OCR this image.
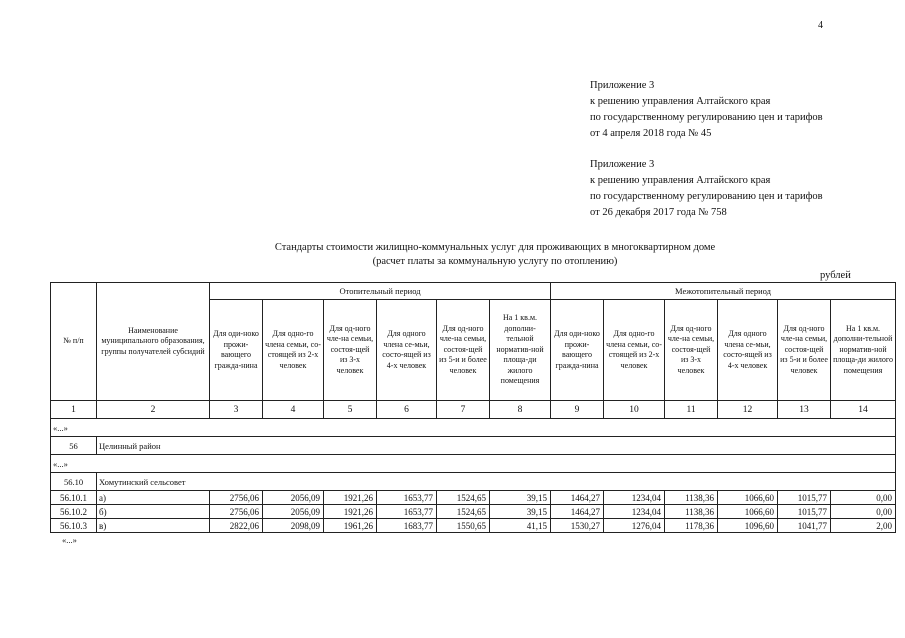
4
Приложение 3
к решению управления Алтайского края
по государственному регулированию цен и тарифов
от 4 апреля 2018 года № 45
Приложение 3
к решению управления Алтайского края
по государственному регулированию цен и тарифов
от 26 декабря 2017 года № 758
Стандарты стоимости жилищно-коммунальных услуг для проживающих в многоквартирном доме
(расчет платы за коммунальную услугу по отоплению)
рублей
№ п/п	Наименование муниципального образования, группы получателей субсидий	Отопительный период						Межотопительный период					
		Для оди-ноко прожи-вающего гражда-нина	Для одно-го члена семьи, со-стоящей из 2-х человек	Для од-ного чле-на семьи, состоя-щей из 3-х человек	Для одного члена се-мьи, состо-ящей из 4-х человек	Для од-ного чле-на семьи, состоя-щей из 5-и и более человек	На 1 кв.м. дополни-тельной норматив-ной площа-ди жилого помещения	Для оди-ноко прожи-вающего гражда-нина	Для одно-го члена семьи, со-стоящей из 2-х человек	Для од-ного чле-на семьи, состоя-щей из 3-х человек	Для одного члена се-мьи, состо-ящей из 4-х человек	Для од-ного чле-на семьи, состоя-щей из 5-и и более человек	На 1 кв.м. дополни-тельной норматив-ной площа-ди жилого помещения
1	2	3	4	5	6	7	8	9	10	11	12	13	14
«...»													
56	Целинный район												
«...»													
56.10	Хомутинский сельсовет												
56.10.1	а)	2756,06	2056,09	1921,26	1653,77	1524,65	39,15	1464,27	1234,04	1138,36	1066,60	1015,77	0,00
56.10.2	б)	2756,06	2056,09	1921,26	1653,77	1524,65	39,15	1464,27	1234,04	1138,36	1066,60	1015,77	0,00
56.10.3	в)	2822,06	2098,09	1961,26	1683,77	1550,65	41,15	1530,27	1276,04	1178,36	1096,60	1041,77	2,00
«...»
